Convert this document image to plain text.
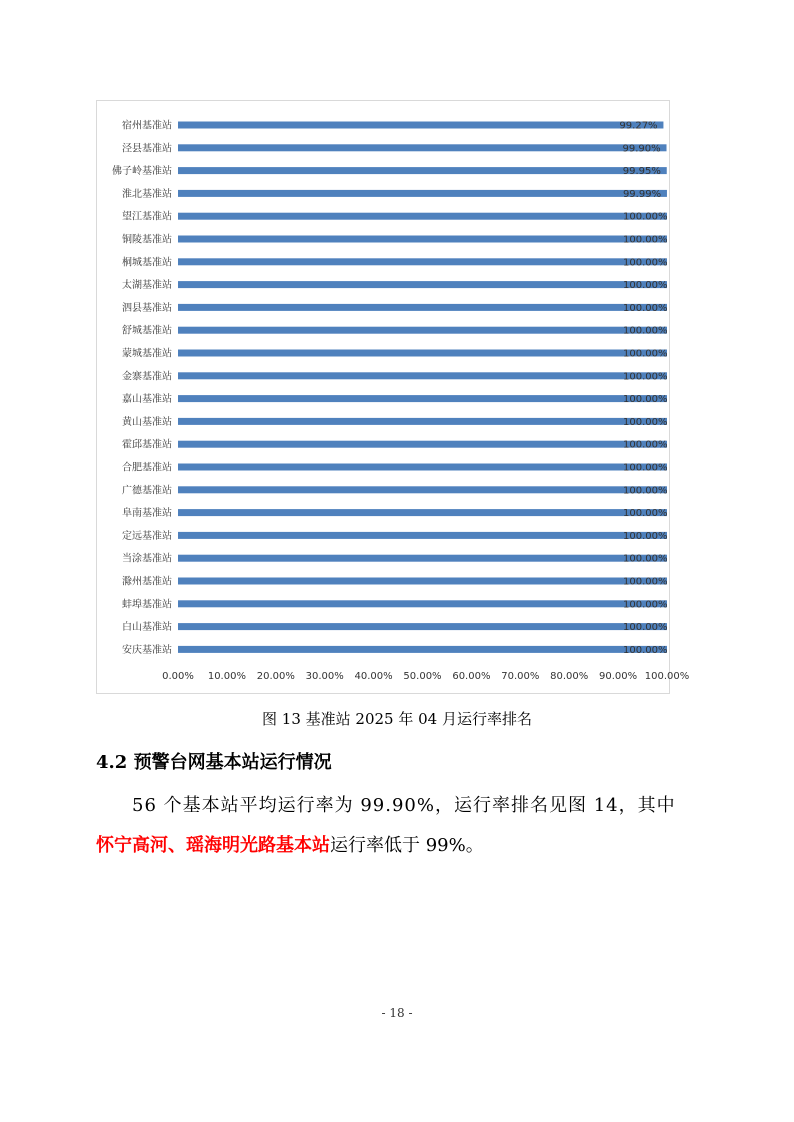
宿州基准站	99.27%
泾县基准站	99.90%
佛子岭基准站	99.95%
淮北基准站	99.99%
望江基准站	100.00%
铜陵基准站	100.00%
桐城基准站	100.00%
太湖基准站	100.00%
泗县基准站	100.00%
舒城基准站	100.00%
蒙城基准站	100.00%
金寨基准站	100.00%
嘉山基准站	100.00%
黄山基准站	100.00%
霍邱基准站	100.00%
合肥基准站	100.00%
广德基准站	100.00%
阜南基准站	100.00%
定远基准站	100.00%
当涂基准站	100.00%
滁州基准站	100.00%
蚌埠基准站	100.00%
白山基准站	100.00%
安庆基准站	100.00%
0.00% 10.00% 20.00% 30.00% 40.00% 50.00% 60.00% 70.00% 80.00% 90.00% 100.00%
图 13 基准站 2025 年 04 月运行率排名
4.2 预警台网基本站运行情况
56 个基本站平均运行率为 99.90%，运行率排名见图 14，其中
怀宁高河、瑶海明光路基本站运行率低于 99%。
- 18 -
